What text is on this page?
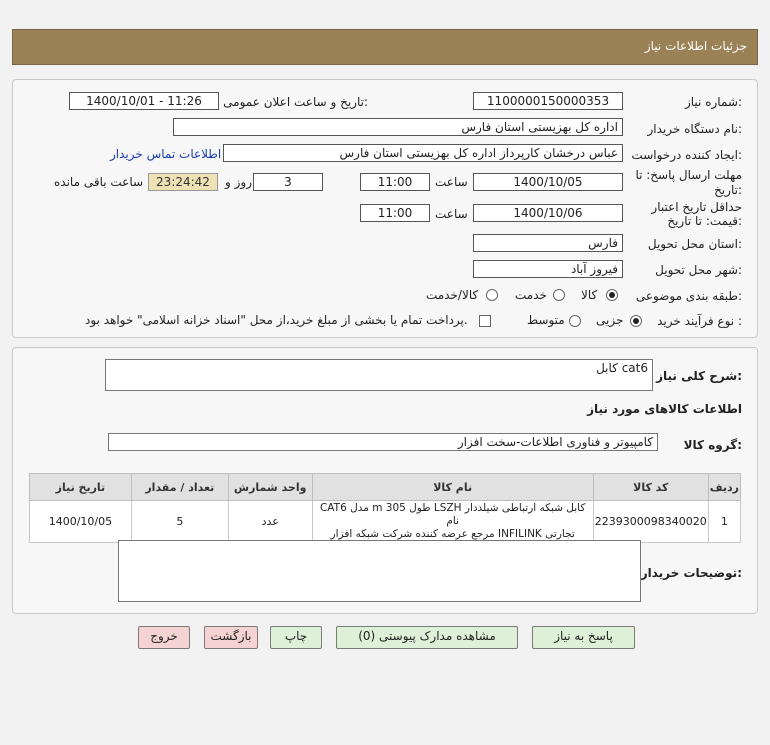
جزئیات اطلاعات نیاز
شماره نیاز:
1100000150000353
تاریخ و ساعت اعلان عمومی:
1400/10/01 - 11:26
نام دستگاه خریدار:
اداره کل بهزیستی استان فارس
ایجاد کننده درخواست:
عباس درخشان کارپرداز اداره کل بهزیستی استان فارس
اطلاعات تماس خریدار
مهلت ارسال پاسخ: تا
تاریخ:
1400/10/05
ساعت
11:00
3
روز و
23:24:42
ساعت باقی مانده
حداقل تاریخ اعتبار
قیمت: تا تاریخ:
1400/10/06
ساعت
11:00
استان محل تحویل:
فارس
شهر محل تحویل:
فیروز آباد
طبقه بندی موضوعی:
کالا
خدمت
کالا/خدمت
نوع فرآیند خرید :
جزیی
متوسط
پرداخت تمام یا بخشی از مبلغ خرید،از محل "اسناد خزانه اسلامی" خواهد بود.
شرح کلی نیاز:
کابل cat6
اطلاعات کالاهای مورد نیاز
گروه کالا:
کامپیوتر و فناوری اطلاعات-سخت افزار
ردیف	کد کالا	نام کالا	واحد شمارش	تعداد / مقدار	تاریخ نیاز
1	2239300098340020	کابل شبکه ارتباطی شیلددار LSZH طول m 305 مدل CAT6 نام
تجارتی INFILINK مرجع عرضه کننده شرکت شبکه افزار	عدد	5	1400/10/05
توضیحات خریدار:
پاسخ به نیاز
مشاهده مدارک پیوستی (0)
چاپ
بازگشت
خروج
